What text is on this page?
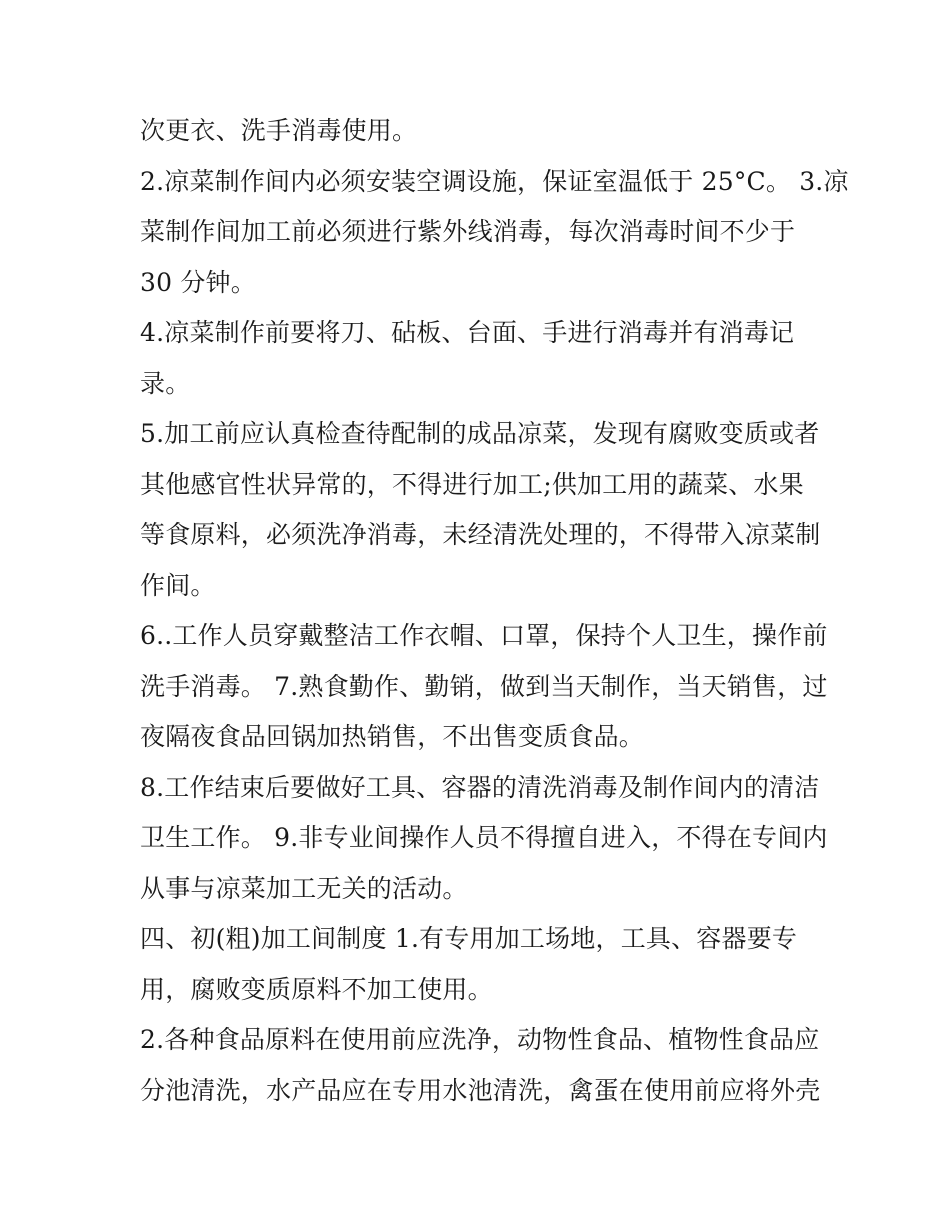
次更衣、洗手消毒使用。
2.凉菜制作间内必须安装空调设施，保证室温低于 25°C。 3.凉
菜制作间加工前必须进行紫外线消毒，每次消毒时间不少于
30 分钟。
4.凉菜制作前要将刀、砧板、台面、手进行消毒并有消毒记
录。
5.加工前应认真检查待配制的成品凉菜，发现有腐败变质或者
其他感官性状异常的，不得进行加工;供加工用的蔬菜、水果
等食原料，必须洗净消毒，未经清洗处理的，不得带入凉菜制
作间。
6..工作人员穿戴整洁工作衣帽、口罩，保持个人卫生，操作前
洗手消毒。 7.熟食勤作、勤销，做到当天制作，当天销售，过
夜隔夜食品回锅加热销售，不出售变质食品。
8.工作结束后要做好工具、容器的清洗消毒及制作间内的清洁
卫生工作。 9.非专业间操作人员不得擅自进入，不得在专间内
从事与凉菜加工无关的活动。
四、初(粗)加工间制度 1.有专用加工场地，工具、容器要专
用，腐败变质原料不加工使用。
2.各种食品原料在使用前应洗净，动物性食品、植物性食品应
分池清洗，水产品应在专用水池清洗，禽蛋在使用前应将外壳
